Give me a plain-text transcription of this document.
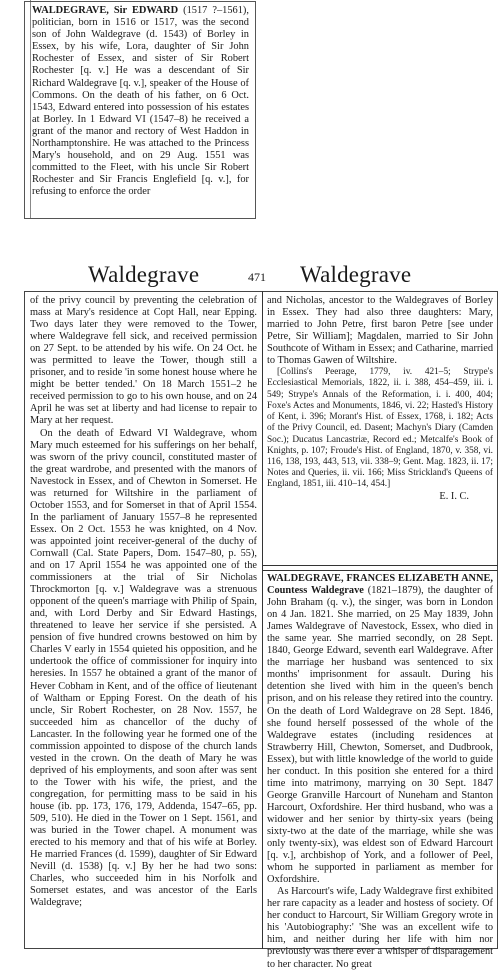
WALDEGRAVE, Sir EDWARD (1517 ?–1561), politician, born in 1516 or 1517, was the second son of John Waldegrave (d. 1543) of Borley in Essex, by his wife, Lora, daughter of Sir John Rochester of Essex, and sister of Sir Robert Rochester [q. v.] He was a descendant of Sir Richard Waldegrave [q. v.], speaker of the House of Commons. On the death of his father, on 6 Oct. 1543, Edward entered into possession of his estates at Borley. In 1 Edward VI (1547–8) he received a grant of the manor and rectory of West Haddon in Northamptonshire. He was attached to the Princess Mary's household, and on 29 Aug. 1551 was committed to the Fleet, with his uncle Sir Robert Rochester and Sir Francis Englefield [q. v.], for refusing to enforce the order
Waldegrave	471 Waldegrave

of the privy council by preventing the celebration of mass at Mary's residence at Copt Hall, near Epping. Two days later they were removed to the Tower, where Waldegrave fell sick, and received permission on 27 Sept. to be attended by his wife. On 24 Oct. he was permitted to leave the Tower, though still a prisoner, and to reside 'in some honest house where he might be better tended.' On 18 March 1551–2 he received permission to go to his own house, and on 24 April he was set at liberty and had license to repair to Mary at her request.

On the death of Edward VI Waldegrave, whom Mary much esteemed for his sufferings on her behalf, was sworn of the privy council, constituted master of the great wardrobe, and presented with the manors of Navestock in Essex, and of Chewton in Somerset. He was returned for Wiltshire in the parliament of October 1553, and for Somerset in that of April 1554. In the parliament of January 1557–8 he represented Essex. On 2 Oct. 1553 he was knighted, on 4 Nov. was appointed joint receiver-general of the duchy of Cornwall (Cal. State Papers, Dom. 1547–80, p. 55), and on 17 April 1554 he was appointed one of the commissioners at the trial of Sir Nicholas Throckmorton [q. v.] Waldegrave was a strenuous opponent of the queen's marriage with Philip of Spain, and, with Lord Derby and Sir Edward Hastings, threatened to leave her service if she persisted. A pension of five hundred crowns bestowed on him by Charles V early in 1554 quieted his opposition, and he undertook the office of commissioner for inquiry into heresies. In 1557 he obtained a grant of the manor of Hever Cobham in Kent, and of the office of lieutenant of Waltham or Epping Forest. On the death of his uncle, Sir Robert Rochester, on 28 Nov. 1557, he succeeded him as chancellor of the duchy of Lancaster. In the following year he formed one of the commission appointed to dispose of the church lands vested in the crown. On the death of Mary he was deprived of his employments, and soon after was sent to the Tower with his wife, the priest, and the congregation, for permitting mass to be said in his house (ib. pp. 173, 176, 179, Addenda, 1547–65, pp. 509, 510). He died in the Tower on 1 Sept. 1561, and was buried in the Tower chapel. A monument was erected to his memory and that of his wife at Borley. He married Frances (d. 1599), daughter of Sir Edward Nevill (d. 1538) [q. v.] By her he had two sons: Charles, who succeeded him in his Norfolk and Somerset estates, and was ancestor of the Earls Waldegrave;

and Nicholas, ancestor to the Waldegraves of Borley in Essex. They had also three daughters: Mary, married to John Petre, first baron Petre [see under Petre, Sir William]; Magdalen, married to Sir John Southcote of Witham in Essex; and Catharine, married to Thomas Gawen of Wiltshire.

[Collins's Peerage, 1779, iv. 421–5; Strype's Ecclesiastical Memorials, 1822, ii. i. 388, 454–459, iii. i. 549; Strype's Annals of the Reformation, i. i. 400, 404; Foxe's Actes and Monuments, 1846, vi. 22; Hasted's History of Kent, i. 396; Morant's Hist. of Essex, 1768, i. 182; Acts of the Privy Council, ed. Dasent; Machyn's Diary (Camden Soc.); Ducatus Lancastriæ, Record ed.; Metcalfe's Book of Knights, p. 107; Froude's Hist. of England, 1870, v. 358, vi. 116, 138, 193, 443, 513, vii. 338–9; Gent. Mag. 1823, ii. 17; Notes and Queries, ii. vii. 166; Miss Strickland's Queens of England, 1851, iii. 410–14, 454.]

E. I. C.

WALDEGRAVE, FRANCES ELIZABETH ANNE, Countess Waldegrave (1821–1879), the daughter of John Braham (q. v.), the singer, was born in London on 4 Jan. 1821. She married, on 25 May 1839, John James Waldegrave of Navestock, Essex, who died in the same year. She married secondly, on 28 Sept. 1840, George Edward, seventh earl Waldegrave. After the marriage her husband was sentenced to six months' imprisonment for assault. During his detention she lived with him in the queen's bench prison, and on his release they retired into the country. On the death of Lord Waldegrave on 28 Sept. 1846, she found herself possessed of the whole of the Waldegrave estates (including residences at Strawberry Hill, Chewton, Somerset, and Dudbrook, Essex), but with little knowledge of the world to guide her conduct. In this position she entered for a third time into matrimony, marrying on 30 Sept. 1847 George Granville Harcourt of Nuneham and Stanton Harcourt, Oxfordshire. Her third husband, who was a widower and her senior by thirty-six years (being sixty-two at the date of the marriage, while she was only twenty-six), was eldest son of Edward Harcourt [q. v.], archbishop of York, and a follower of Peel, whom he supported in parliament as member for Oxfordshire.

As Harcourt's wife, Lady Waldegrave first exhibited her rare capacity as a leader and hostess of society. Of her conduct to Harcourt, Sir William Gregory wrote in his 'Autobiography:' 'She was an excellent wife to him, and neither during her life with him nor previously was there ever a whisper of disparagement to her character. No great
